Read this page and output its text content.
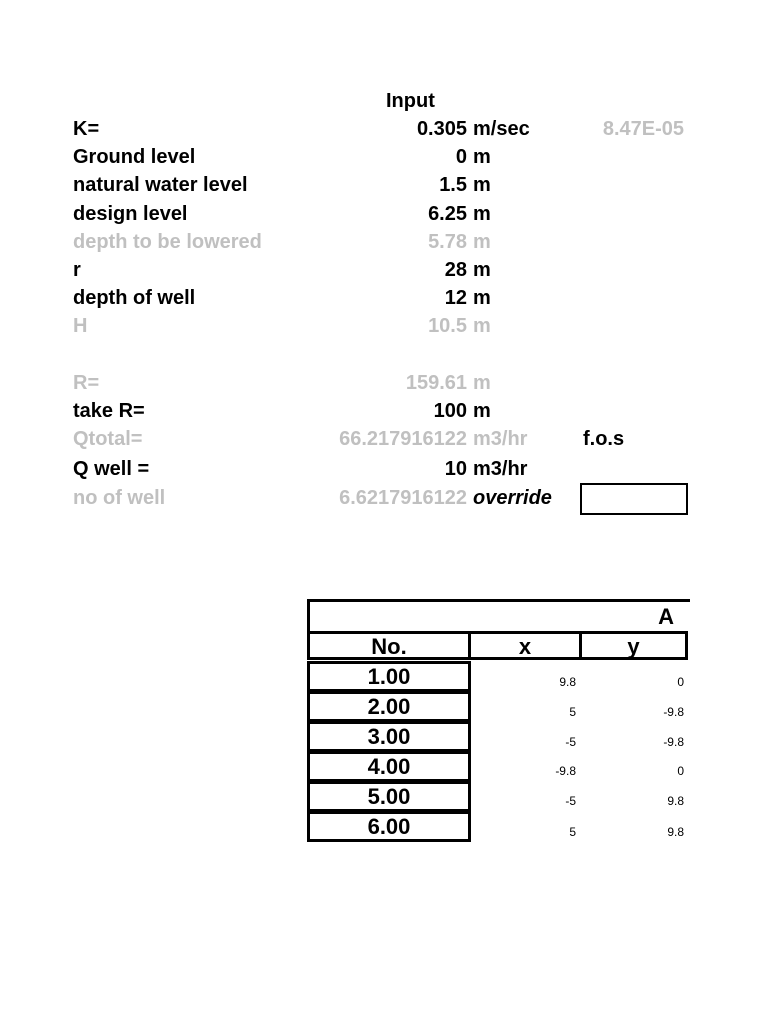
Input
K=	0.305 m/sec	8.47E-05
Ground level	0 m
natural water level	1.5 m
design level	6.25 m
depth to be lowered	5.78 m
r	28 m
depth of well	12 m
H	10.5 m
R=	159.61 m
take R=	100 m
Qtotal=	66.217916122 m3/hr	f.o.s
Q well =	10 m3/hr
no of well	6.6217916122 override
A
No.	x	y
1.00	9.8	0
2.00	5	-9.8
3.00	-5	-9.8
4.00	-9.8	0
5.00	-5	9.8
6.00	5	9.8
